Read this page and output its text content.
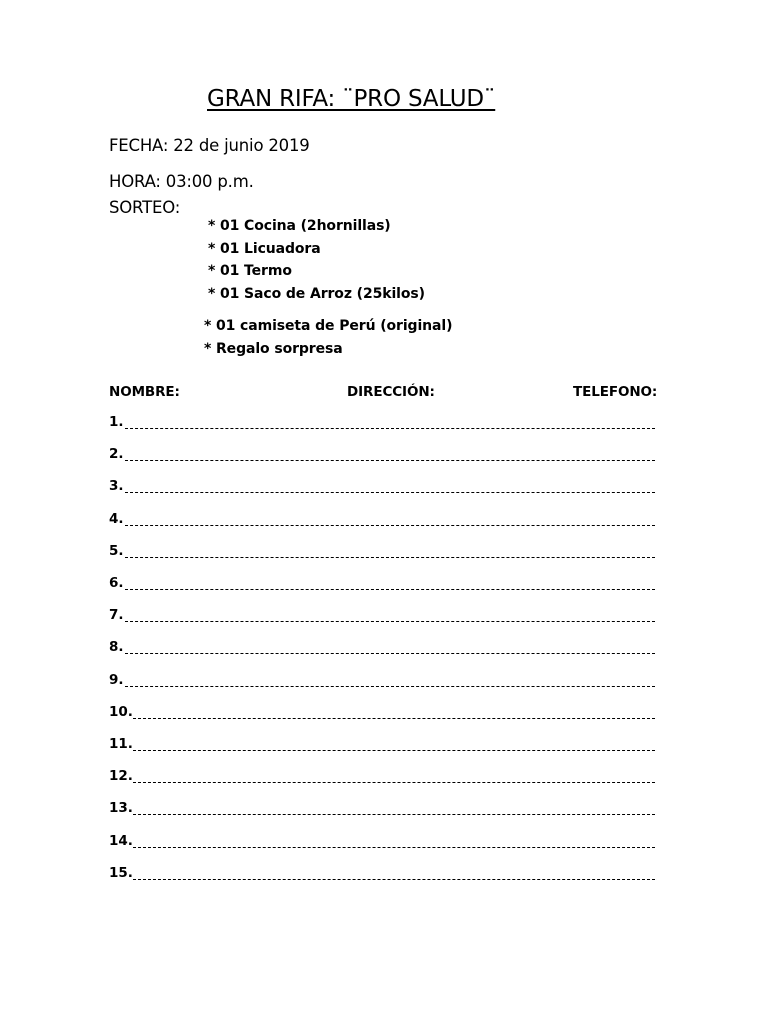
GRAN RIFA: ¨PRO SALUD¨
FECHA: 22 de junio 2019
HORA: 03:00 p.m.
SORTEO:
* 01 Cocina (2hornillas)
* 01 Licuadora
* 01 Termo
* 01 Saco de Arroz (25kilos)
* 01 camiseta de Perú (original)
* Regalo sorpresa
NOMBRE:	DIRECCIÓN:	TELEFONO:
1.
2.
3.
4.
5.
6.
7.
8.
9.
10.
11.
12.
13.
14.
15.
